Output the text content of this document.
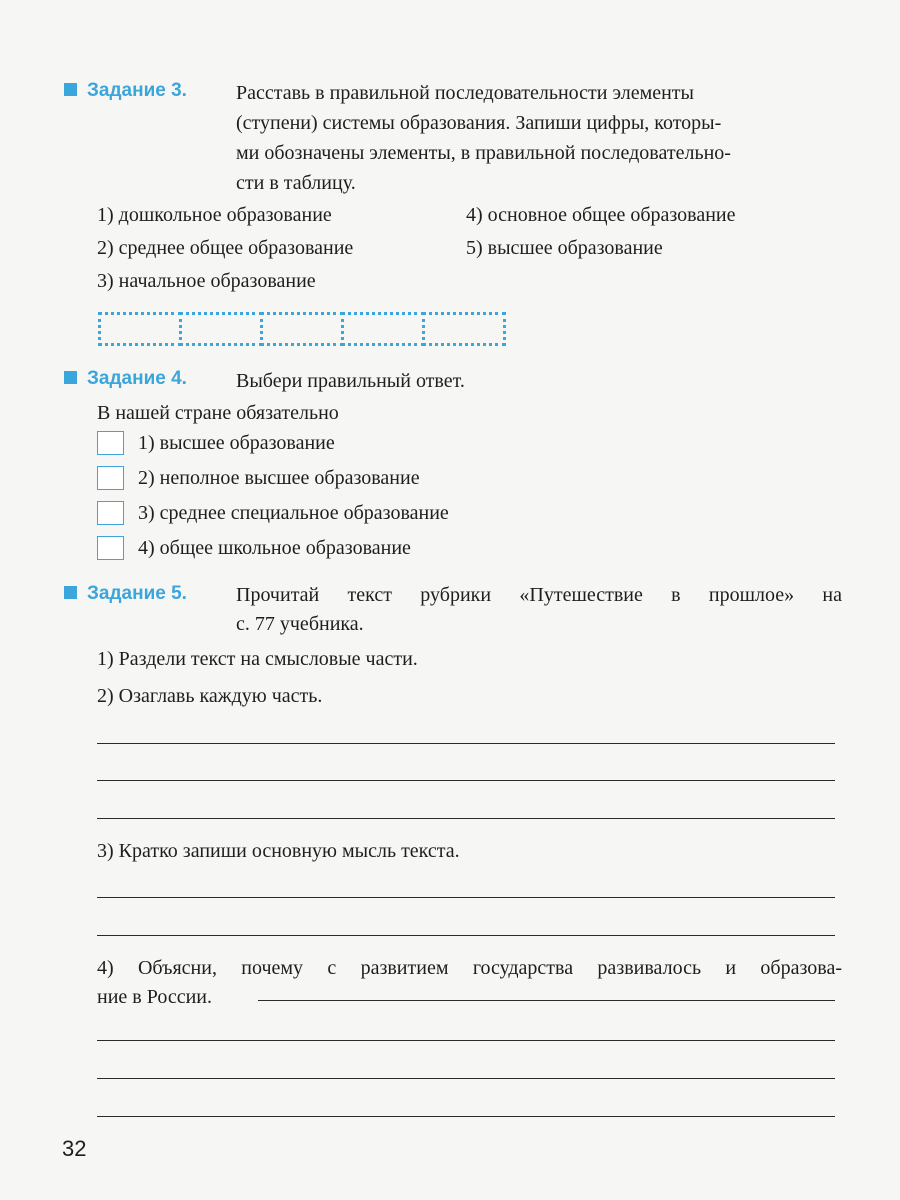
Задание 3. Расставь в правильной последовательности элементы
(ступени) системы образования. Запиши цифры, которы-
ми обозначены элементы, в правильной последовательно-
сти в таблицу.
1) дошкольное образование	4) основное общее образование
2) среднее общее образование	5) высшее образование
3) начальное образование
Задание 4. Выбери правильный ответ.
В нашей стране обязательно
1) высшее образование
2) неполное высшее образование
3) среднее специальное образование
4) общее школьное образование
Задание 5. Прочитай текст рубрики «Путешествие в прошлое» на
с. 77 учебника.
1) Раздели текст на смысловые части.
2) Озаглавь каждую часть.
3) Кратко запиши основную мысль текста.
4) Объясни, почему с развитием государства развивалось и образова-
ние в России.
32
